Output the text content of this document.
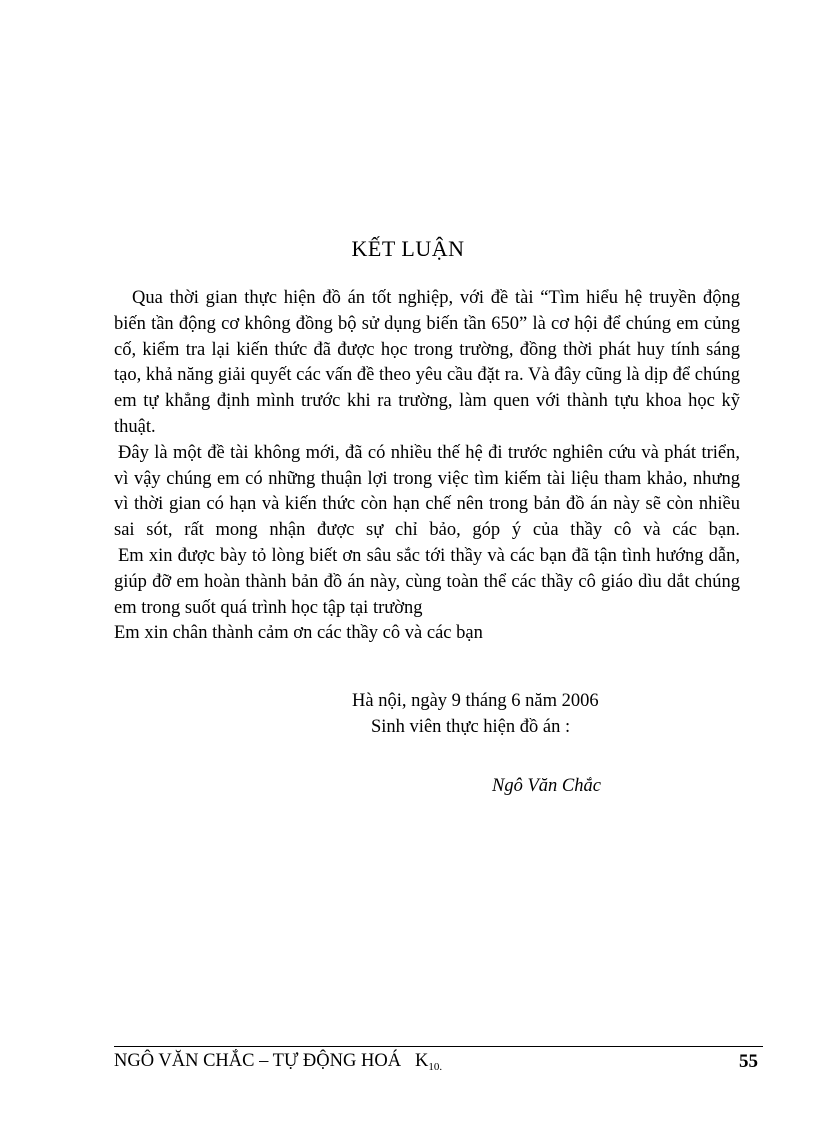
KẾT LUẬN

Qua thời gian thực hiện đồ án tốt nghiệp, với đề tài “Tìm hiểu hệ truyền động biến tần động cơ không đồng bộ sử dụng biến tần 650” là cơ hội để chúng em củng cố, kiểm tra lại kiến thức đã được học trong trường, đồng thời phát huy tính sáng tạo, khả năng giải quyết các vấn đề theo yêu cầu đặt ra. Và đây cũng là dịp để chúng em tự khẳng định mình trước khi ra trường, làm quen với thành tựu khoa học kỹ thuật.

Đây là một đề tài không mới, đã có nhiều thế hệ đi trước nghiên cứu và phát triển, vì vậy chúng em có những thuận lợi trong việc tìm kiếm tài liệu tham khảo, nhưng vì thời gian có hạn và kiến thức còn hạn chế nên trong bản đồ án này sẽ còn nhiều sai sót, rất mong nhận được sự chỉ bảo, góp ý của thầy cô và các bạn.

Em xin được bày tỏ lòng biết ơn sâu sắc tới thầy và các bạn đã tận tình hướng dẫn, giúp đỡ em hoàn thành bản đồ án này, cùng toàn thể các thầy cô giáo dìu dắt chúng em trong suốt quá trình học tập tại trường

Em xin chân thành cảm ơn các thầy cô và các bạn

Hà nội, ngày 9 tháng 6 năm 2006
Sinh viên thực hiện đồ án :
Ngô Văn Chắc
NGÔ VĂN CHẮC – TỰ ĐỘNG HOÁ $K_{10.}$	55
